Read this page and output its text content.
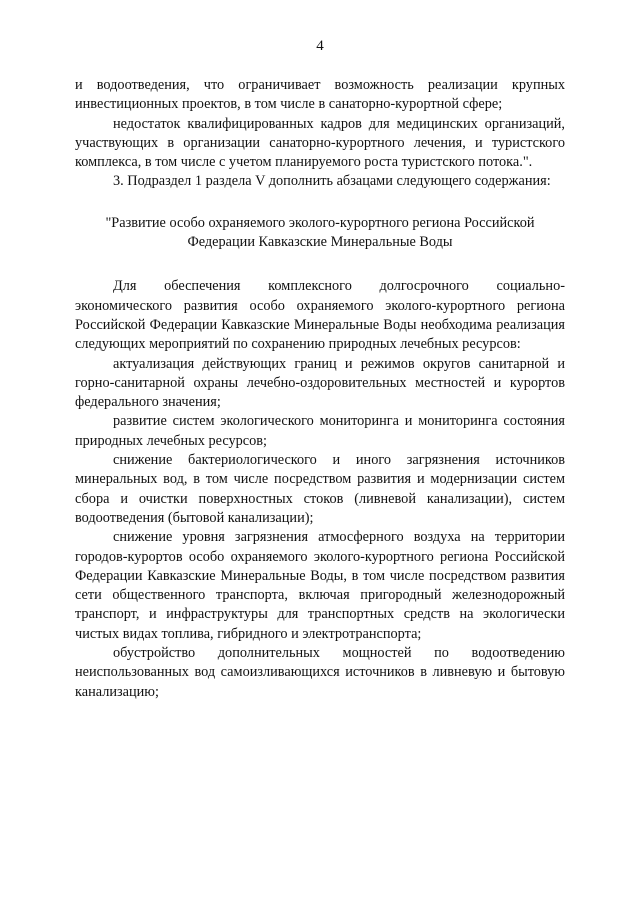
4

и водоотведения, что ограничивает возможность реализации крупных инвестиционных проектов, в том числе в санаторно-курортной сфере;

недостаток квалифицированных кадров для медицинских организаций, участвующих в организации санаторно-курортного лечения, и туристского комплекса, в том числе с учетом планируемого роста туристского потока.".

3. Подраздел 1 раздела V дополнить абзацами следующего содержания:

"Развитие особо охраняемого эколого-курортного региона Российской Федерации Кавказские Минеральные Воды

Для обеспечения комплексного долгосрочного социально-экономического развития особо охраняемого эколого-курортного региона Российской Федерации Кавказские Минеральные Воды необходима реализация следующих мероприятий по сохранению природных лечебных ресурсов:

актуализация действующих границ и режимов округов санитарной и горно-санитарной охраны лечебно-оздоровительных местностей и курортов федерального значения;

развитие систем экологического мониторинга и мониторинга состояния природных лечебных ресурсов;

снижение бактериологического и иного загрязнения источников минеральных вод, в том числе посредством развития и модернизации систем сбора и очистки поверхностных стоков (ливневой канализации), систем водоотведения (бытовой канализации);

снижение уровня загрязнения атмосферного воздуха на территории городов-курортов особо охраняемого эколого-курортного региона Российской Федерации Кавказские Минеральные Воды, в том числе посредством развития сети общественного транспорта, включая пригородный железнодорожный транспорт, и инфраструктуры для транспортных средств на экологически чистых видах топлива, гибридного и электротранспорта;

обустройство дополнительных мощностей по водоотведению неиспользованных вод самоизливающихся источников в ливневую и бытовую канализацию;
